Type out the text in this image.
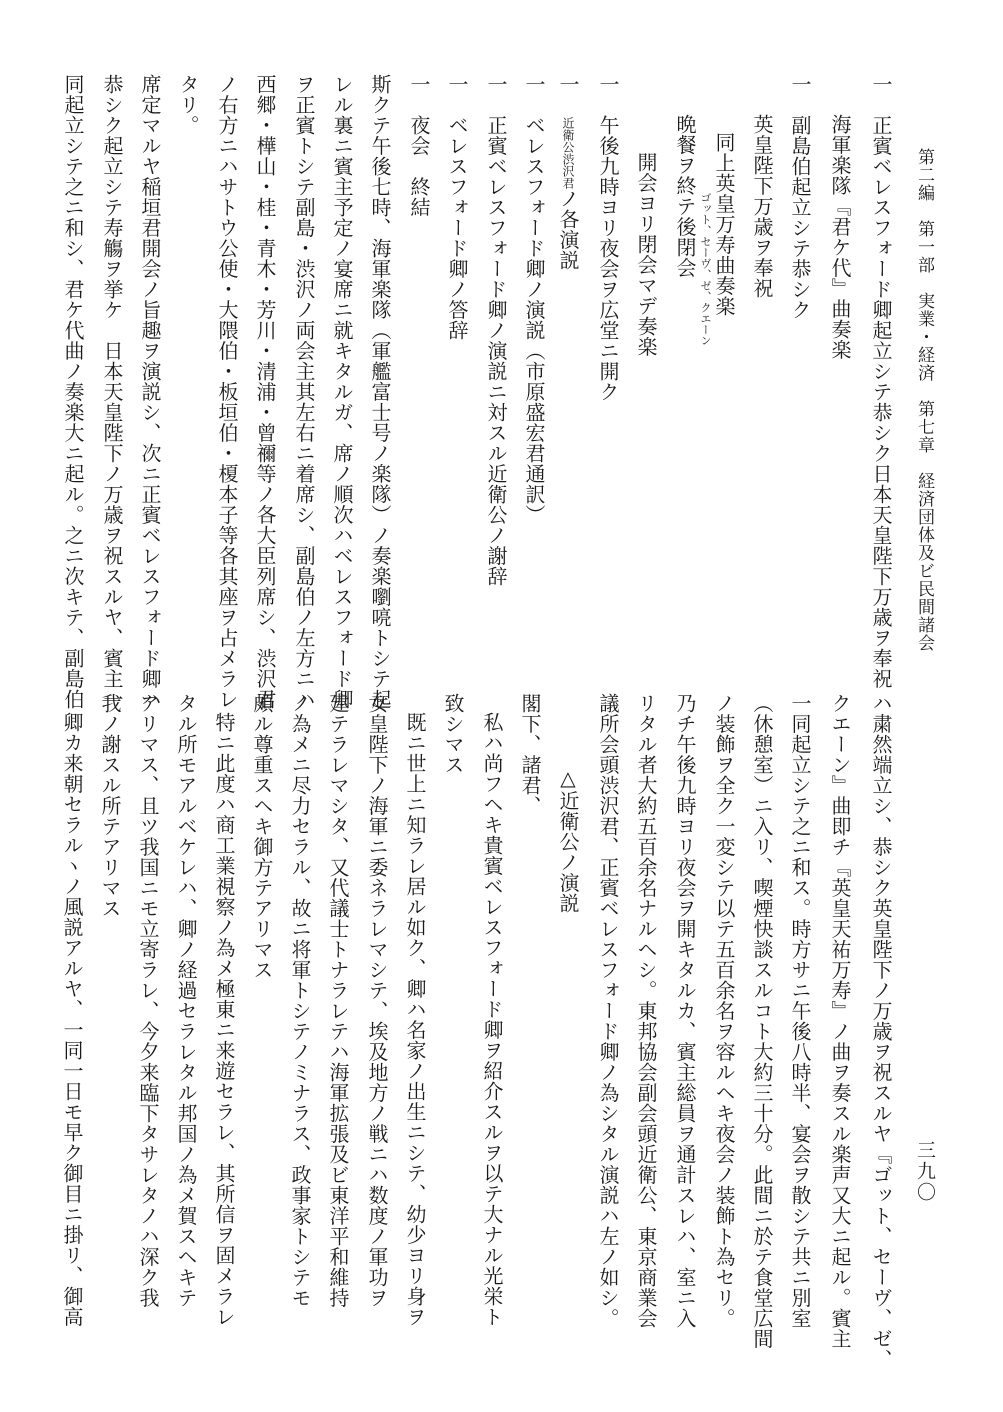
第二編　第一部　実業・経済　第七章　経済団体及ビ民間諸会
三九〇
一　正賓ベレスフォード卿起立シテ恭シク日本天皇陛下万歳ヲ奉祝
海軍楽隊『君ケ代』曲奏楽
一　副島伯起立シテ恭シク
英皇陛下万歳ヲ奉祝
同上英皇万寿曲奏楽
ゴット、セーヴ、ゼ、クエーン
晩餐ヲ終テ後閉会
開会ヨリ閉会マデ奏楽
一　午後九時ヨリ夜会ヲ広堂ニ開ク
一
近衛公
渋沢君
ノ各演説
一　ベレスフォード卿ノ演説（市原盛宏君通訳）
一　正賓ベレスフォード卿ノ演説ニ対スル近衛公ノ謝辞
一　ベレスフォード卿ノ答辞
一　夜会　終結
斯クテ午後七時、海軍楽隊（軍艦富士号ノ楽隊）ノ奏楽嚠喨トシテ起
レル裏ニ賓主予定ノ宴席ニ就キタルガ、席ノ順次ハベレスフォード卿
ヲ正賓トシテ副島・渋沢ノ両会主其左右ニ着席シ、副島伯ノ左方ニハ
西郷・樺山・桂・青木・芳川・清浦・曾禰等ノ各大臣列席シ、渋沢君
ノ右方ニハサトウ公使・大隈伯・板垣伯・榎本子等各其座ヲ占メラレ
タリ。
席定マルヤ稲垣君開会ノ旨趣ヲ演説シ、次ニ正賓ベレスフォード卿ハ
恭シク起立シテ寿觴ヲ挙ケ　日本天皇陛下ノ万歳ヲ祝スルヤ、賓主一
同起立シテ之ニ和シ、君ケ代曲ノ奏楽大ニ起ル。之ニ次キテ、副島伯
ハ粛然端立シ、恭シク英皇陛下ノ万歳ヲ祝スルヤ『ゴット、セーヴ、ゼ、
クエーン』曲即チ『英皇天祐万寿』ノ曲ヲ奏スル楽声又大ニ起ル。賓主
一同起立シテ之ニ和ス。時方サニ午後八時半、宴会ヲ散シテ共ニ別室
（休憩室）ニ入リ、喫煙快談スルコト大約三十分。此間ニ於テ食堂広間
ノ装飾ヲ全ク一変シテ以テ五百余名ヲ容ルヘキ夜会ノ装飾ト為セリ。
乃チ午後九時ヨリ夜会ヲ開キタルカ、賓主総員ヲ通計スレハ、室ニ入
リタル者大約五百余名ナルヘシ。東邦協会副会頭近衛公、東京商業会
議所会頭渋沢君、正賓ベレスフォード卿ノ為シタル演説ハ左ノ如シ。
△近衛公ノ演説
閣下、諸君、
私ハ尚フヘキ貴賓ベレスフォード卿ヲ紹介スルヲ以テ大ナル光栄ト
致シマス
既ニ世上ニ知ラレ居ル如ク、卿ハ名家ノ出生ニシテ、幼少ヨリ身ヲ
女皇陛下ノ海軍ニ委ネラレマシテ、埃及地方ノ戦ニハ数度ノ軍功ヲ
建テラレマシタ、又代議士トナラレテハ海軍拡張及ビ東洋平和維持
ノ為メニ尽力セラル、故ニ将軍トシテノミナラス、政事家トシテモ
頗ル尊重スヘキ御方テアリマス
特ニ此度ハ商工業視察ノ為メ極東ニ来遊セラレ、其所信ヲ固メラレ
タル所モアルベケレハ、卿ノ経過セラレタル邦国ノ為メ賀スヘキテ
アリマス、且ツ我国ニモ立寄ラレ、今夕来臨下タサレタノハ深ク我
我ノ謝スル所テアリマス
卿カ来朝セラルヽノ風説アルヤ、一同一日モ早ク御目ニ掛リ、御高
